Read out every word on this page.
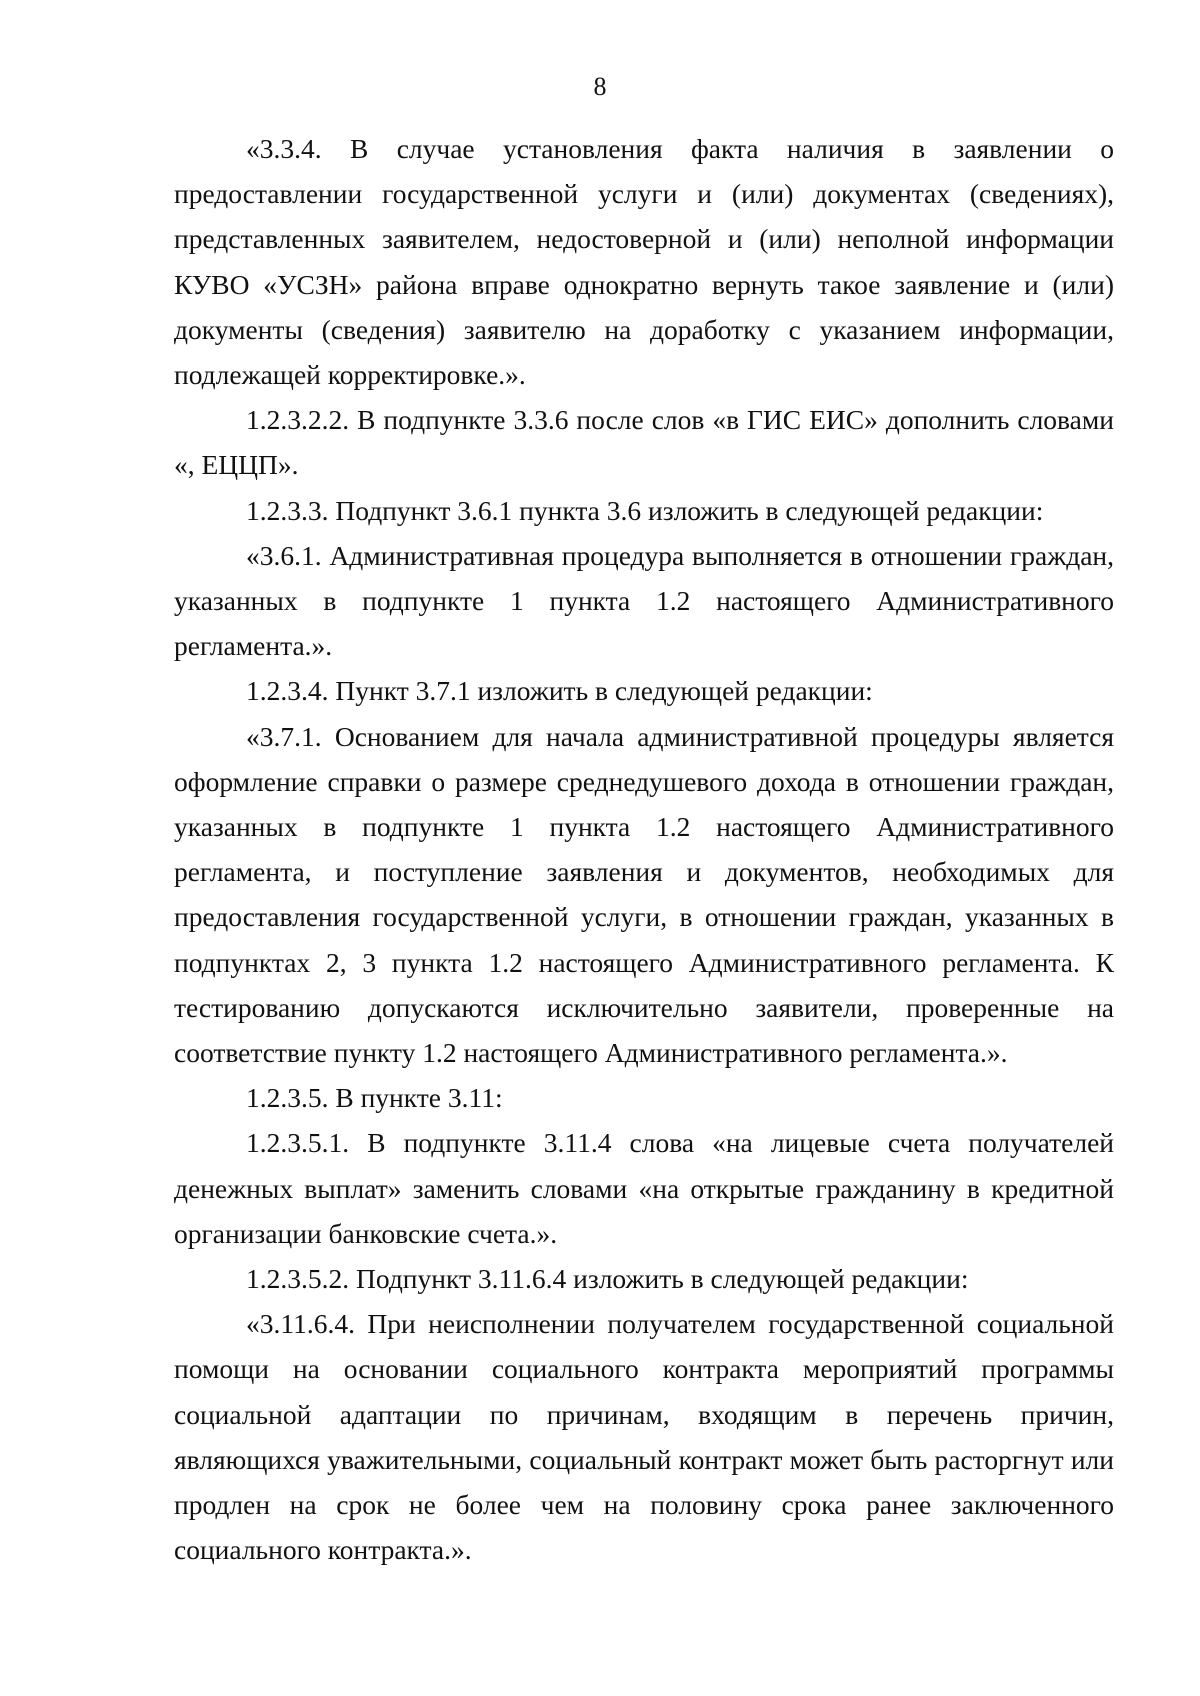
8

«3.3.4. В случае установления факта наличия в заявлении о предоставлении государственной услуги и (или) документах (сведениях), представленных заявителем, недостоверной и (или) неполной информации КУВО «УСЗН» района вправе однократно вернуть такое заявление и (или) документы (сведения) заявителю на доработку с указанием информации, подлежащей корректировке.».

1.2.3.2.2. В подпункте 3.3.6 после слов «в ГИС ЕИС» дополнить словами «, ЕЦЦП».

1.2.3.3. Подпункт 3.6.1 пункта 3.6 изложить в следующей редакции:

«3.6.1. Административная процедура выполняется в отношении граждан, указанных в подпункте 1 пункта 1.2 настоящего Административного регламента.».

1.2.3.4. Пункт 3.7.1 изложить в следующей редакции:

«3.7.1. Основанием для начала административной процедуры является оформление справки о размере среднедушевого дохода в отношении граждан, указанных в подпункте 1 пункта 1.2 настоящего Административного регламента, и поступление заявления и документов, необходимых для предоставления государственной услуги, в отношении граждан, указанных в подпунктах 2, 3 пункта 1.2 настоящего Административного регламента. К тестированию допускаются исключительно заявители, проверенные на соответствие пункту 1.2 настоящего Административного регламента.».

1.2.3.5. В пункте 3.11:

1.2.3.5.1. В подпункте 3.11.4 слова «на лицевые счета получателей денежных выплат» заменить словами «на открытые гражданину в кредитной организации банковские счета.».

1.2.3.5.2. Подпункт 3.11.6.4 изложить в следующей редакции:

«3.11.6.4. При неисполнении получателем государственной социальной помощи на основании социального контракта мероприятий программы социальной адаптации по причинам, входящим в перечень причин, являющихся уважительными, социальный контракт может быть расторгнут или продлен на срок не более чем на половину срока ранее заключенного социального контракта.».
